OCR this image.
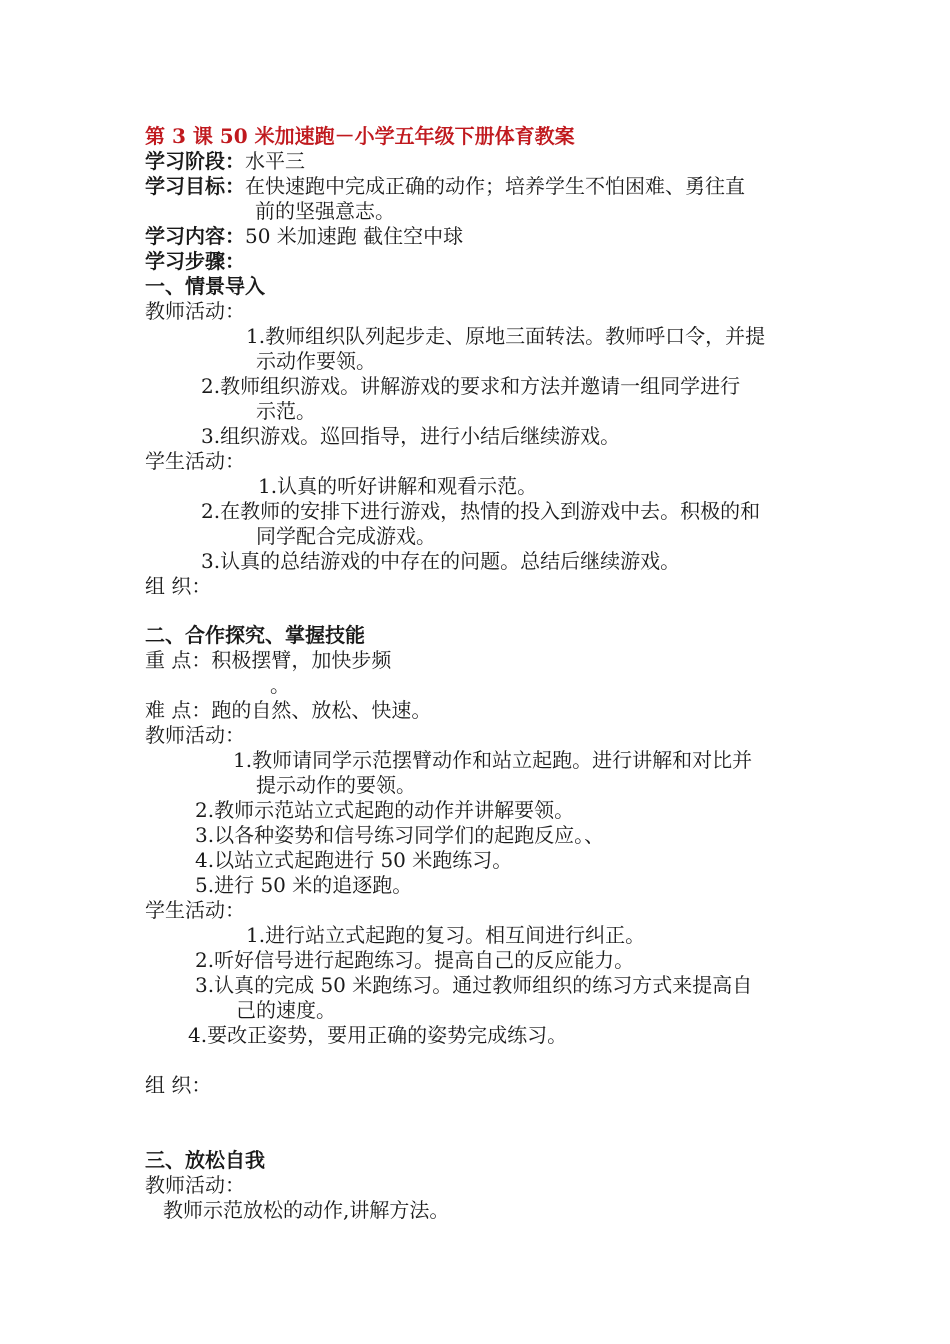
第 3 课 50 米加速跑－小学五年级下册体育教案
学习阶段：水平三
学习目标：在快速跑中完成正确的动作；培养学生不怕困难、勇往直
前的坚强意志。
学习内容：50 米加速跑 截住空中球
学习步骤：
一、情景导入
教师活动：
1.教师组织队列起步走、原地三面转法。教师呼口令，并提
示动作要领。
2.教师组织游戏。讲解游戏的要求和方法并邀请一组同学进行
示范。
3.组织游戏。巡回指导，进行小结后继续游戏。
学生活动：
1.认真的听好讲解和观看示范。
2.在教师的安排下进行游戏，热情的投入到游戏中去。积极的和
同学配合完成游戏。
3.认真的总结游戏的中存在的问题。总结后继续游戏。
组 织：
二、合作探究、掌握技能
重 点：积极摆臂，加快步频
。
难 点：跑的自然、放松、快速。
教师活动：
1.教师请同学示范摆臂动作和站立起跑。进行讲解和对比并
提示动作的要领。
2.教师示范站立式起跑的动作并讲解要领。
3.以各种姿势和信号练习同学们的起跑反应。、
4.以站立式起跑进行 50 米跑练习。
5.进行 50 米的追逐跑。
学生活动：
1.进行站立式起跑的复习。相互间进行纠正。
2.听好信号进行起跑练习。提高自己的反应能力。
3.认真的完成 50 米跑练习。通过教师组织的练习方式来提高自
己的速度。
4.要改正姿势，要用正确的姿势完成练习。
组 织：
三、放松自我
教师活动：
教师示范放松的动作,讲解方法。
